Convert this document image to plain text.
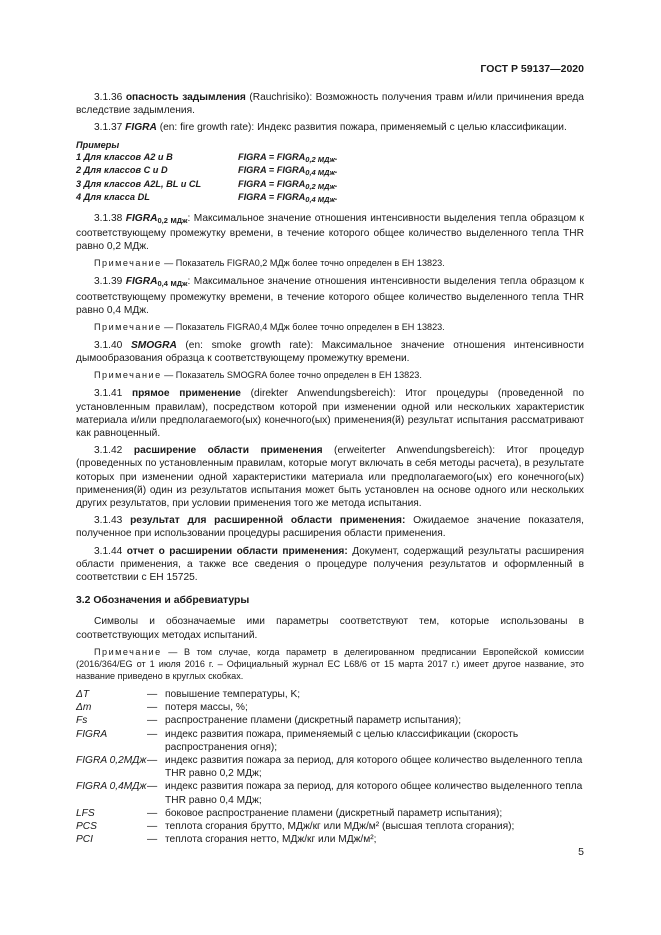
ГОСТ Р 59137—2020

3.1.36 опасность задымления (Rauchrisiko): Возможность получения травм и/или причинения вреда вследствие задымления.

3.1.37 FIGRA (en: fire growth rate): Индекс развития пожара, применяемый с целью классификации.

Примеры
1 Для классов A2 и B	FIGRA = $FIGRA_{0,2 МДж}$.
2 Для классов C и D	FIGRA = $FIGRA_{0,4 МДж}$.
3 Для классов A2L, BL и CL	FIGRA = $FIGRA_{0,2 МДж}$.
4 Для класса DL	FIGRA = $FIGRA_{0,4 МДж}$.

3.1.38 $FIGRA_{0,2 МДж}$: Максимальное значение отношения интенсивности выделения тепла образцом к соответствующему промежутку времени, в течение которого общее количество выделенного тепла THR равно 0,2 МДж.

Примечание — Показатель FIGRA0,2 МДж более точно определен в ЕН 13823.

3.1.39 $FIGRA_{0,4 МДж}$: Максимальное значение отношения интенсивности выделения тепла образцом к соответствующему промежутку времени, в течение которого общее количество выделенного тепла THR равно 0,4 МДж.

Примечание — Показатель FIGRA0,4 МДж более точно определен в ЕН 13823.

3.1.40 SMOGRA (en: smoke growth rate): Максимальное значение отношения интенсивности дымообразования образца к соответствующему промежутку времени.

Примечание — Показатель SMOGRA более точно определен в ЕН 13823.

3.1.41 прямое применение (direkter Anwendungsbereich): Итог процедуры (проведенной по установленным правилам), посредством которой при изменении одной или нескольких характеристик материала и/или предполагаемого(ых) конечного(ых) применения(й) результат испытания рассматривают как равноценный.

3.1.42 расширение области применения (erweiterter Anwendungsbereich): Итог процедур (проведенных по установленным правилам, которые могут включать в себя методы расчета), в результате которых при изменении одной характеристики материала или предполагаемого(ых) его конечного(ых) применения(й) один из результатов испытания может быть установлен на основе одного или нескольких других результатов, при условии применения того же метода испытания.

3.1.43 результат для расширенной области применения: Ожидаемое значение показателя, полученное при использовании процедуры расширения области применения.

3.1.44 отчет о расширении области применения: Документ, содержащий результаты расширения области применения, а также все сведения о процедуре получения результатов и оформленный в соответствии с ЕН 15725.

3.2 Обозначения и аббревиатуры

Символы и обозначаемые ими параметры соответствуют тем, которые использованы в соответствующих методах испытаний.

Примечание — В том случае, когда параметр в делегированном предписании Европейской комиссии (2016/364/EG от 1 июля 2016 г. – Официальный журнал ЕС L68/6 от 15 марта 2017 г.) имеет другое название, это название приведено в круглых скобках.

ΔT	— повышение температуры, K;
Δm	— потеря массы, %;
Fs	— распространение пламени (дискретный параметр испытания);
FIGRA	— индекс развития пожара, применяемый с целью классификации (скорость распространения огня);
FIGRA 0,2МДж — индекс развития пожара за период, для которого общее количество выделенного тепла THR равно 0,2 МДж;
FIGRA 0,4МДж — индекс развития пожара за период, для которого общее количество выделенного тепла THR равно 0,4 МДж;
LFS	— боковое распространение пламени (дискретный параметр испытания);
PCS	— теплота сгорания брутто, МДж/кг или МДж/м² (высшая теплота сгорания);
PCI	— теплота сгорания нетто, МДж/кг или МДж/м²;
5
